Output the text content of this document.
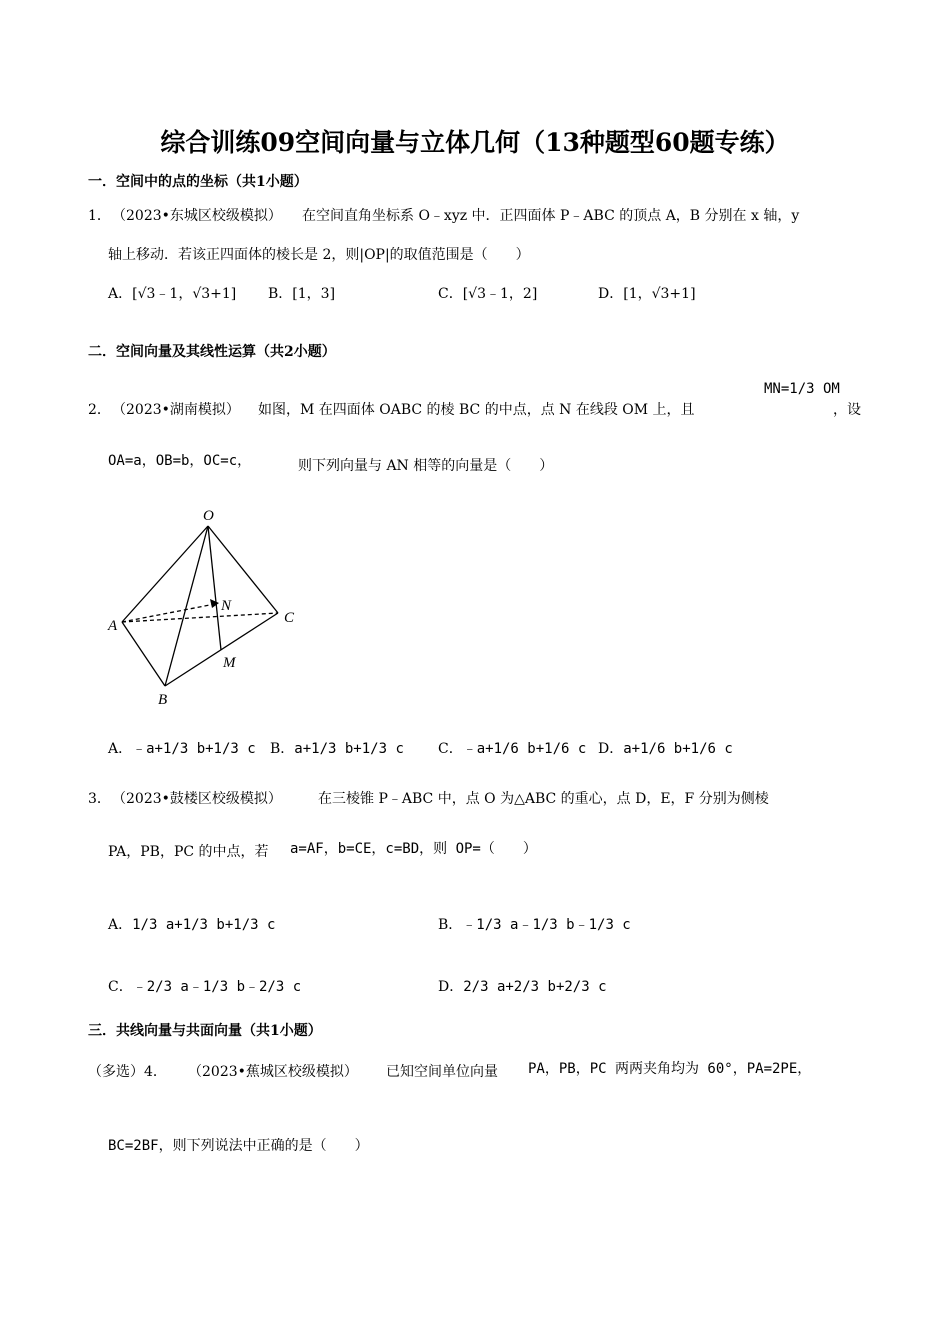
综合训练09空间向量与立体几何（13种题型60题专练）
一．空间中的点的坐标（共1小题）
1． （2023•东城区校级模拟） 在空间直角坐标系 O﹣xyz 中．正四面体 P﹣ABC 的顶点 A，B 分别在 x 轴，y
轴上移动．若该正四面体的棱长是 2，则|OP|的取值范围是（　　）
A．[√3﹣1，√3+1] B．[1，3]	C．[√3﹣1，2]	D．[1，√3+1]
二．空间向量及其线性运算（共2小题）
2． （2023•湖南模拟） 如图，M 在四面体 OABC 的棱 BC 的中点，点 N 在线段 OM 上，且
MN=1/3 OM
，设
OA=a，OB=b，OC=c，	则下列向量与 AN 相等的向量是（　　）
O
N
A	C
M
B
A．﹣a+1/3 b+1/3 c B．a+1/3 b+1/3 c C．﹣a+1/6 b+1/6 c D．a+1/6 b+1/6 c
3． （2023•鼓楼区校级模拟）	在三棱锥 P﹣ABC 中，点 O 为△ABC 的重心，点 D，E，F 分别为侧棱
PA，PB，PC 的中点，若 a=AF，b=CE，c=BD，则 OP=（　　）
A．1/3 a+1/3 b+1/3 c	B．﹣1/3 a﹣1/3 b﹣1/3 c
C．﹣2/3 a﹣1/3 b﹣2/3 c	D．2/3 a+2/3 b+2/3 c
三．共线向量与共面向量（共1小题）
（多选）4． （2023•蕉城区校级模拟） 已知空间单位向量 PA，PB，PC 两两夹角均为 60°，PA=2PE，
BC=2BF，则下列说法中正确的是（　　）
